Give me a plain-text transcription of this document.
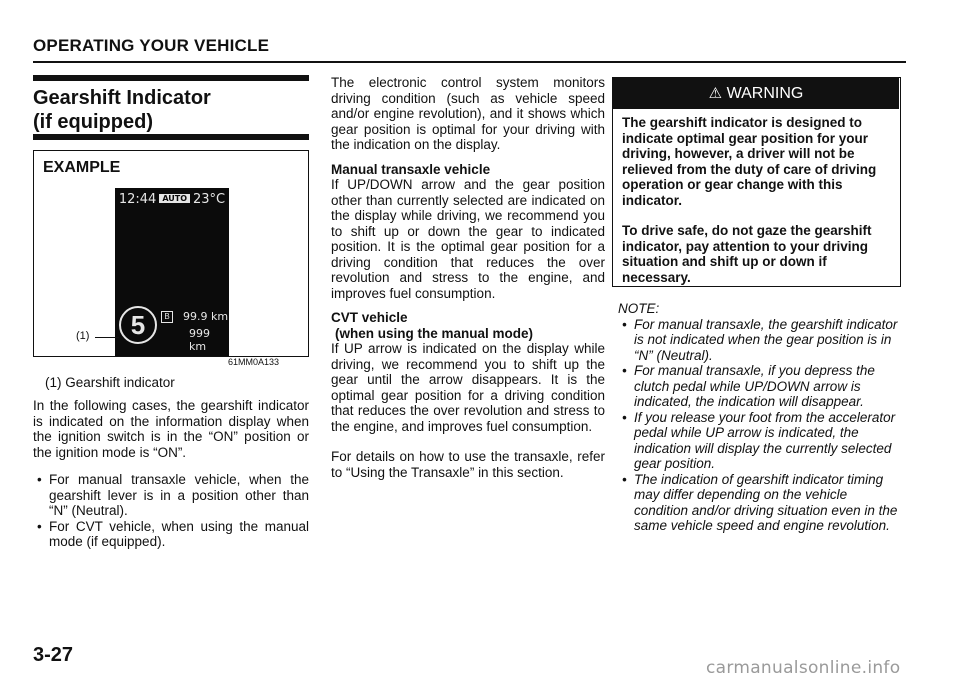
OPERATING YOUR VEHICLE
Gearshift Indicator
(if equipped)
EXAMPLE
12:44 AUTO 23°C
5	B	99.9 km
999 km
(1)
61MM0A133
(1) Gearshift indicator

In the following cases, the gearshift indicator is indicated on the information display when the ignition switch is in the “ON” position or the ignition mode is “ON”.

• For manual transaxle vehicle, when the gearshift lever is in a position other than “N” (Neutral).

• For CVT vehicle, when using the manual mode (if equipped).

The electronic control system monitors driving condition (such as vehicle speed and/or engine revolution), and it shows which gear position is optimal for your driving with the indication on the display.

Manual transaxle vehicle

If UP/DOWN arrow and the gear position other than currently selected are indicated on the display while driving, we recommend you to shift up or down the gear to indicated position. It is the optimal gear position for a driving condition that reduces the over revolution and stress to the engine, and improves fuel consumption.

CVT vehicle

(when using the manual mode)

If UP arrow is indicated on the display while driving, we recommend you to shift up the gear until the arrow disappears. It is the optimal gear position for a driving condition that reduces the over revolution and stress to the engine, and improves fuel consumption.

For details on how to use the transaxle, refer to “Using the Transaxle” in this section.

⚠ WARNING

The gearshift indicator is designed to indicate optimal gear position for your driving, however, a driver will not be relieved from the duty of care of driving operation or gear change with this indicator.

To drive safe, do not gaze the gearshift indicator, pay attention to your driving situation and shift up or down if necessary.

NOTE:

• For manual transaxle, the gearshift indicator is not indicated when the gear position is in “N” (Neutral).

• For manual transaxle, if you depress the clutch pedal while UP/DOWN arrow is indicated, the indication will disappear.

• If you release your foot from the accelerator pedal while UP arrow is indicated, the indication will display the currently selected gear position.

• The indication of gearshift indicator timing may differ depending on the vehicle condition and/or driving situation even in the same vehicle speed and engine revolution.

3-27
carmanualsonline.info
